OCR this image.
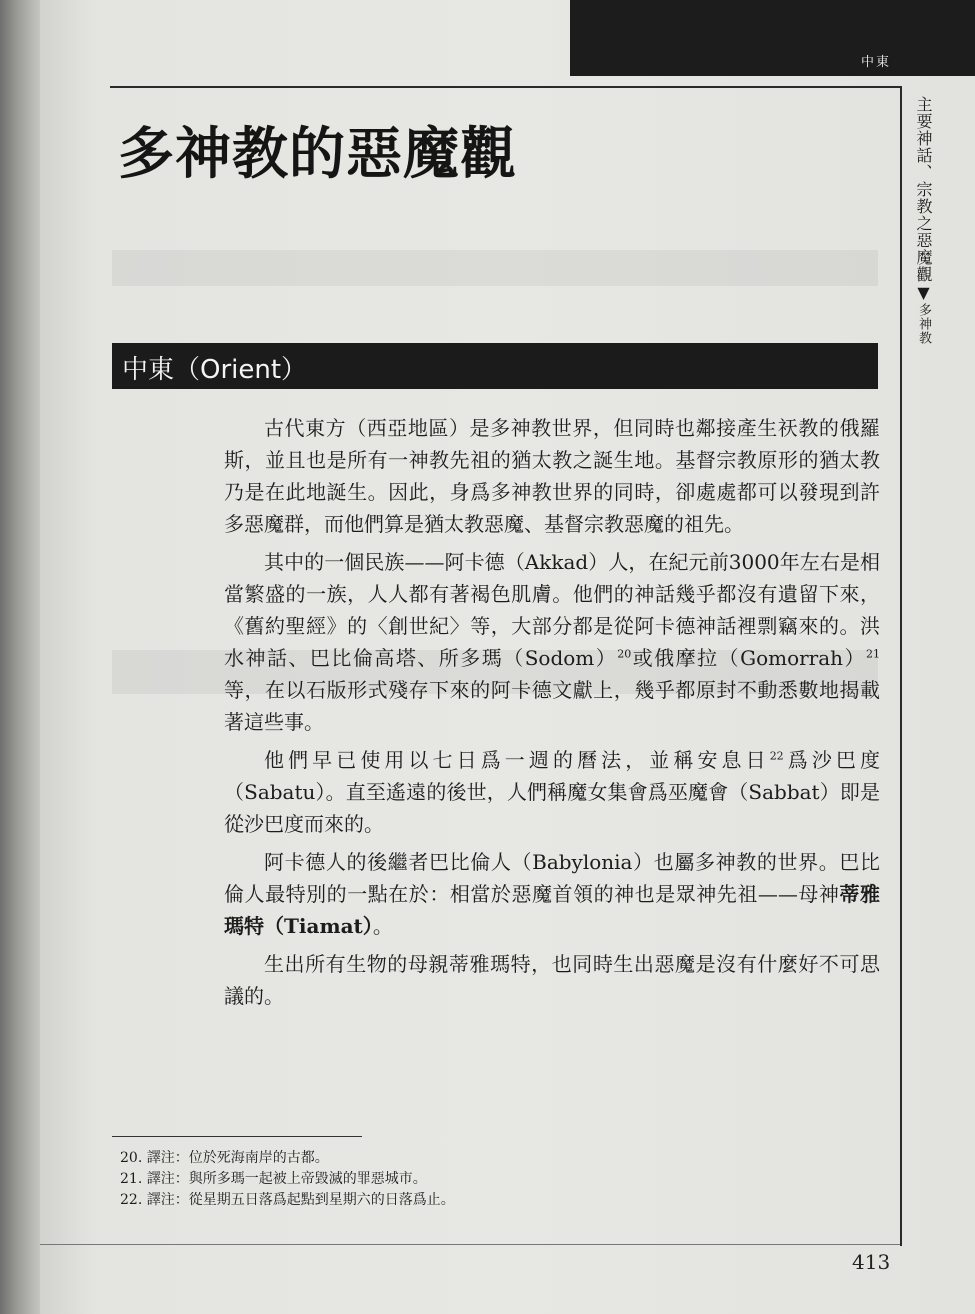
中東
主要神話、宗教之惡魔觀▼多神教
多神教的惡魔觀
中東（Orient）

古代東方（西亞地區）是多神教世界，但同時也鄰接產生祆教的俄羅斯，並且也是所有一神教先祖的猶太教之誕生地。基督宗教原形的猶太教乃是在此地誕生。因此，身爲多神教世界的同時，卻處處都可以發現到許多惡魔群，而他們算是猶太教惡魔、基督宗教惡魔的祖先。

其中的一個民族——阿卡德（Akkad）人，在紀元前3000年左右是相當繁盛的一族，人人都有著褐色肌膚。他們的神話幾乎都沒有遺留下來，《舊約聖經》的〈創世紀〉等，大部分都是從阿卡德神話裡剽竊來的。洪水神話、巴比倫高塔、所多瑪（Sodom）$^{20}$或俄摩拉（Gomorrah）$^{21}$等，在以石版形式殘存下來的阿卡德文獻上，幾乎都原封不動悉數地揭載著這些事。

他們早已使用以七日爲一週的曆法，並稱安息日$^{22}$爲沙巴度（Sabatu）。直至遙遠的後世，人們稱魔女集會爲巫魔會（Sabbat）即是從沙巴度而來的。

阿卡德人的後繼者巴比倫人（Babylonia）也屬多神教的世界。巴比倫人最特別的一點在於：相當於惡魔首領的神也是眾神先祖——母神蒂雅瑪特（Tiamat）。

生出所有生物的母親蒂雅瑪特，也同時生出惡魔是沒有什麼好不可思議的。

20. 譯注：位於死海南岸的古都。
21. 譯注：與所多瑪一起被上帝毀滅的罪惡城市。
22. 譯注：從星期五日落爲起點到星期六的日落爲止。
413
